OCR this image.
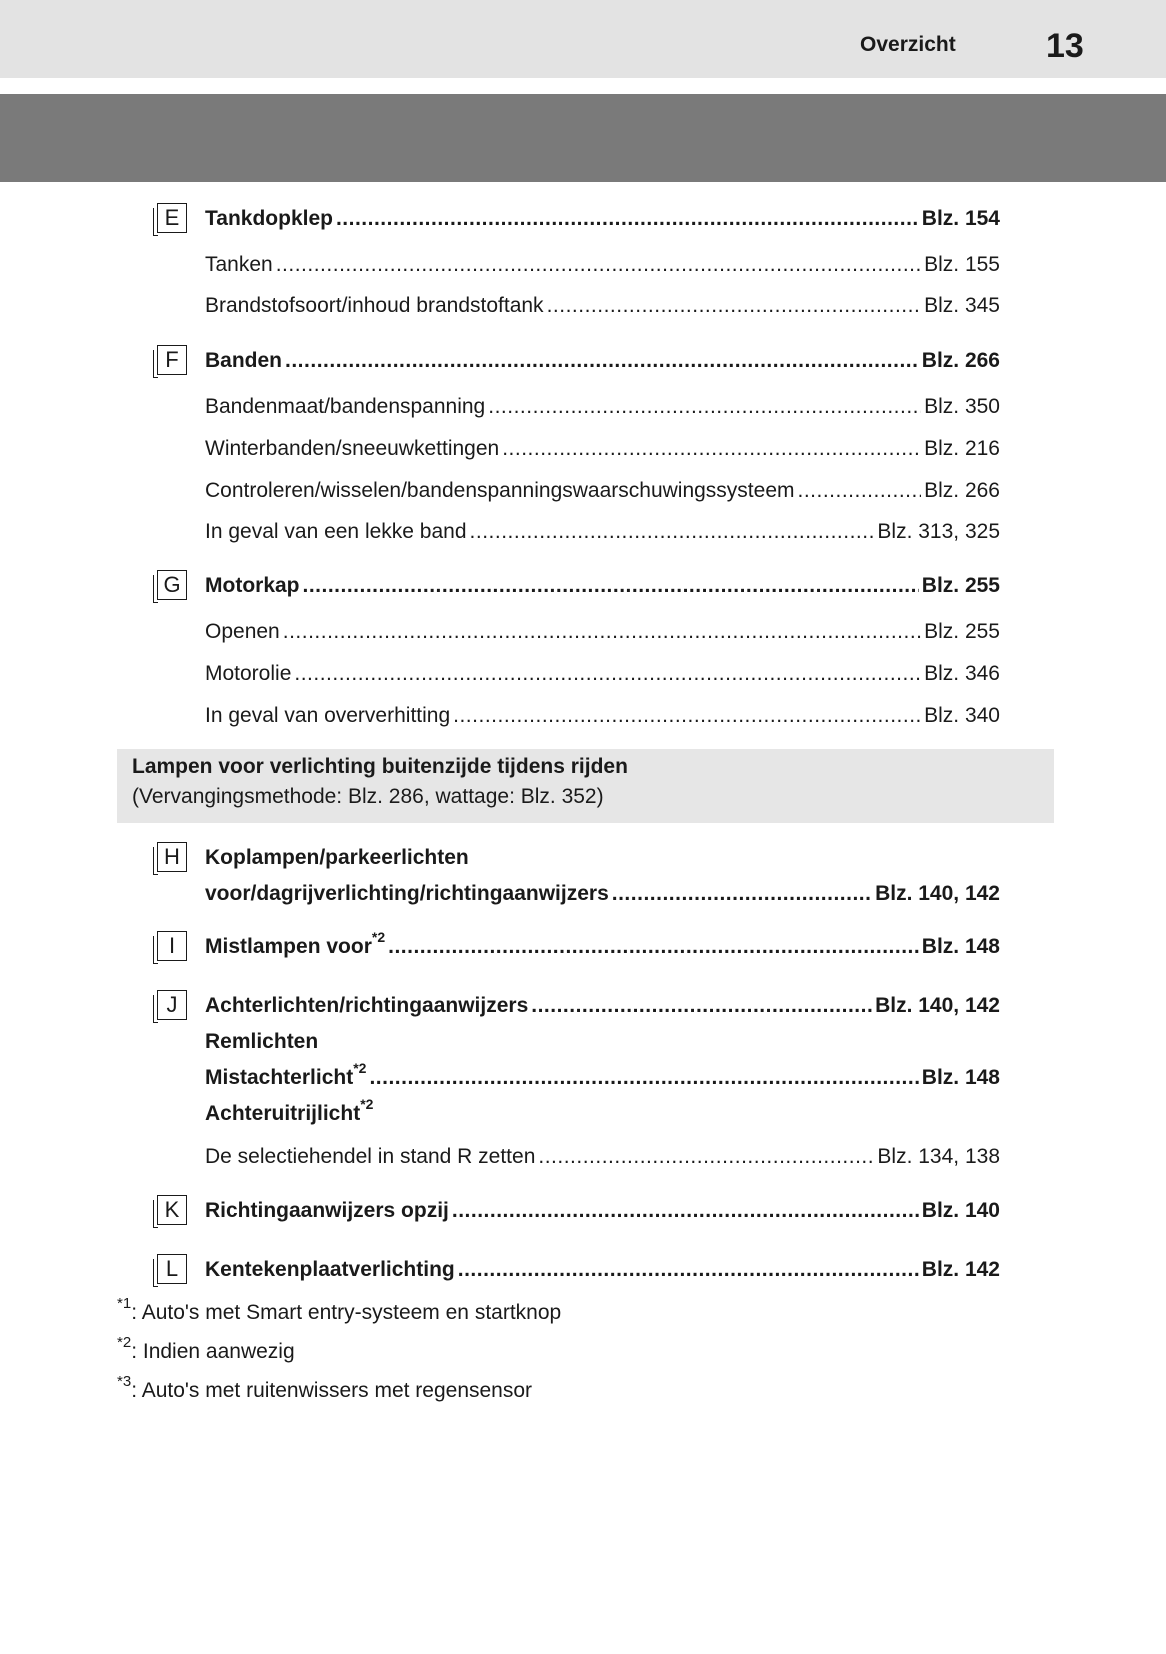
Overzicht	13
E	Tankdopklep .....	Blz. 154
Tanken .....	Blz. 155
Brandstofsoort/inhoud brandstoftank .....	Blz. 345
F	Banden .....	Blz. 266
Bandenmaat/bandenspanning .....	Blz. 350
Winterbanden/sneeuwkettingen .....	Blz. 216
Controleren/wisselen/bandenspanningswaarschuwingssysteem .....	Blz. 266
In geval van een lekke band .....	Blz. 313, 325
G	Motorkap .....	Blz. 255
Openen .....	Blz. 255
Motorolie .....	Blz. 346
In geval van oververhitting .....	Blz. 340
Lampen voor verlichting buitenzijde tijdens rijden
(Vervangingsmethode: Blz. 286, wattage: Blz. 352)
H	Koplampen/parkeerlichten
voor/dagrijverlichting/richtingaanwijzers .....	Blz. 140, 142
I	Mistlampen voor$^{*2}$ .....	Blz. 148
J	Achterlichten/richtingaanwijzers .....	Blz. 140, 142
Remlichten
Mistachterlicht$^{*2}$ .....	Blz. 148
Achteruitrijlicht$^{*2}$
De selectiehendel in stand R zetten .....	Blz. 134, 138
K	Richtingaanwijzers opzij .....	Blz. 140
L	Kentekenplaatverlichting .....	Blz. 142
$^{*1}$: Auto's met Smart entry-systeem en startknop
$^{*2}$: Indien aanwezig
$^{*3}$: Auto's met ruitenwissers met regensensor
